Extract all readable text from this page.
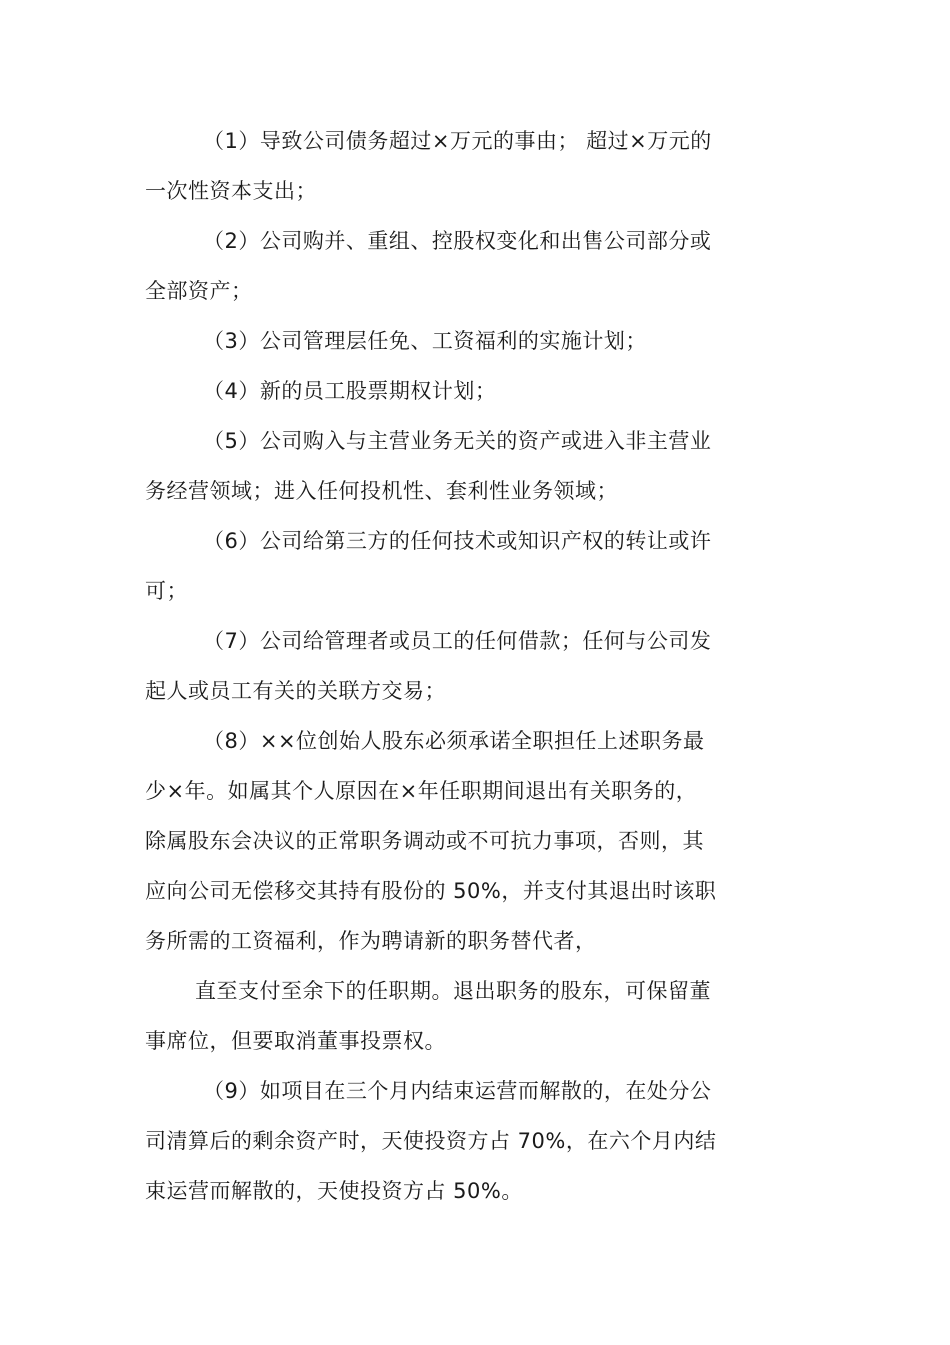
（1）导致公司债务超过×万元的事由； 超过×万元的
一次性资本支出；
（2）公司购并、重组、控股权变化和出售公司部分或
全部资产；
（3）公司管理层任免、工资福利的实施计划；
（4）新的员工股票期权计划；
（5）公司购入与主营业务无关的资产或进入非主营业
务经营领域；进入任何投机性、套利性业务领域；
（6）公司给第三方的任何技术或知识产权的转让或许
可；
（7）公司给管理者或员工的任何借款；任何与公司发
起人或员工有关的关联方交易；
（8）××位创始人股东必须承诺全职担任上述职务最
少×年。如属其个人原因在×年任职期间退出有关职务的，
除属股东会决议的正常职务调动或不可抗力事项，否则，其
应向公司无偿移交其持有股份的 50%，并支付其退出时该职
务所需的工资福利，作为聘请新的职务替代者，
直至支付至余下的任职期。退出职务的股东，可保留董
事席位，但要取消董事投票权。
（9）如项目在三个月内结束运营而解散的，在处分公
司清算后的剩余资产时，天使投资方占 70%，在六个月内结
束运营而解散的，天使投资方占 50%。
